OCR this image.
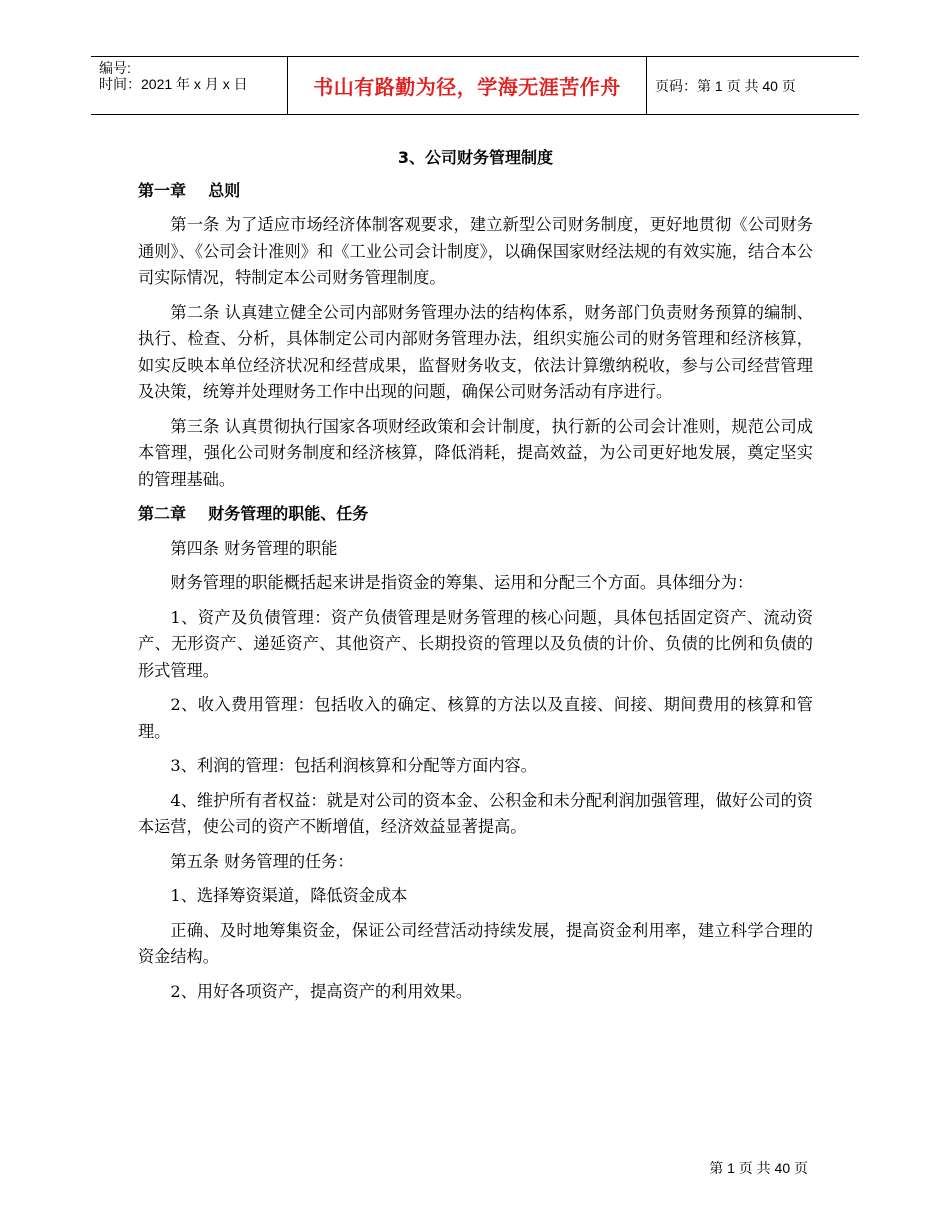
编号:
时间：2021 年 x 月 x 日	书山有路勤为径，学海无涯苦作舟	页码：第 1 页 共 40 页
3、公司财务管理制度
第一章    总则
第一条 为了适应市场经济体制客观要求，建立新型公司财务制度，更好地贯彻《公司财务通则》、《公司会计准则》和《工业公司会计制度》，以确保国家财经法规的有效实施，结合本公司实际情况，特制定本公司财务管理制度。
第二条 认真建立健全公司内部财务管理办法的结构体系，财务部门负责财务预算的编制、执行、检查、分析，具体制定公司内部财务管理办法，组织实施公司的财务管理和经济核算，如实反映本单位经济状况和经营成果，监督财务收支，依法计算缴纳税收，参与公司经营管理及决策，统筹并处理财务工作中出现的问题，确保公司财务活动有序进行。
第三条 认真贯彻执行国家各项财经政策和会计制度，执行新的公司会计准则，规范公司成本管理，强化公司财务制度和经济核算，降低消耗，提高效益，为公司更好地发展，奠定坚实的管理基础。
第二章    财务管理的职能、任务
第四条 财务管理的职能
财务管理的职能概括起来讲是指资金的筹集、运用和分配三个方面。具体细分为：
1、资产及负债管理：资产负债管理是财务管理的核心问题，具体包括固定资产、流动资产、无形资产、递延资产、其他资产、长期投资的管理以及负债的计价、负债的比例和负债的形式管理。
2、收入费用管理：包括收入的确定、核算的方法以及直接、间接、期间费用的核算和管理。
3、利润的管理：包括利润核算和分配等方面内容。
4、维护所有者权益：就是对公司的资本金、公积金和未分配利润加强管理，做好公司的资本运营，使公司的资产不断增值，经济效益显著提高。
第五条 财务管理的任务：
1、选择筹资渠道，降低资金成本
正确、及时地筹集资金，保证公司经营活动持续发展，提高资金利用率，建立科学合理的资金结构。
2、用好各项资产，提高资产的利用效果。
第 1 页 共 40 页
